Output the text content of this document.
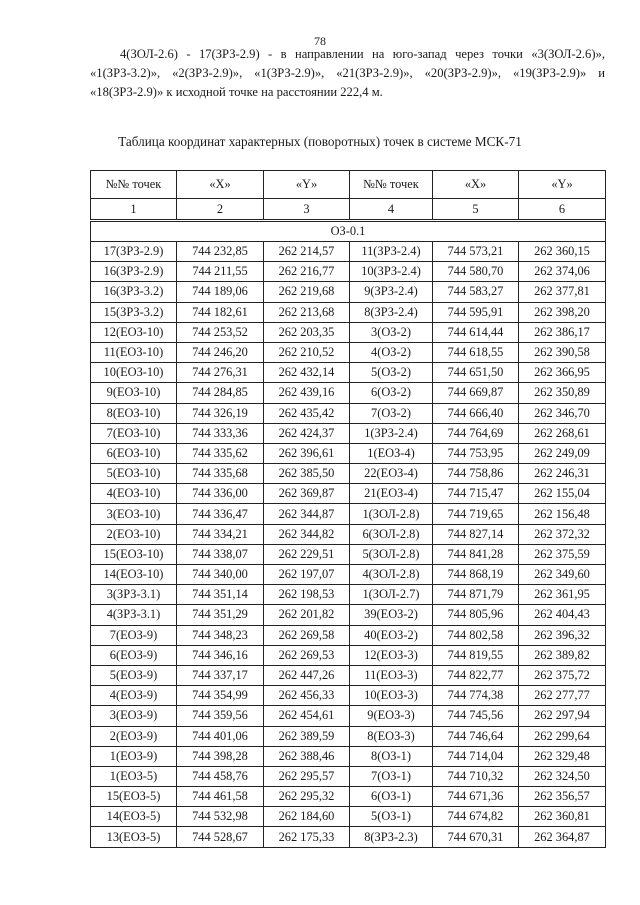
78

4(ЗОЛ-2.6) - 17(ЗРЗ-2.9) - в направлении на юго-запад через точки «3(ЗОЛ-2.6)», «1(ЗРЗ-3.2)», «2(ЗРЗ-2.9)», «1(ЗРЗ-2.9)», «21(ЗРЗ-2.9)», «20(ЗРЗ-2.9)», «19(ЗРЗ-2.9)» и «18(ЗРЗ-2.9)» к исходной точке на расстоянии 222,4 м.

Таблица координат характерных (поворотных) точек в системе МСК-71
№№ точек	«X»	«Y»	№№ точек	«X»	«Y»
1	2	3	4	5	6
ОЗ-0.1					
17(ЗРЗ-2.9)	744 232,85	262 214,57	11(ЗРЗ-2.4)	744 573,21	262 360,15
16(ЗРЗ-2.9)	744 211,55	262 216,77	10(ЗРЗ-2.4)	744 580,70	262 374,06
16(ЗРЗ-3.2)	744 189,06	262 219,68	9(ЗРЗ-2.4)	744 583,27	262 377,81
15(ЗРЗ-3.2)	744 182,61	262 213,68	8(ЗРЗ-2.4)	744 595,91	262 398,20
12(ЕОЗ-10)	744 253,52	262 203,35	3(ОЗ-2)	744 614,44	262 386,17
11(ЕОЗ-10)	744 246,20	262 210,52	4(ОЗ-2)	744 618,55	262 390,58
10(ЕОЗ-10)	744 276,31	262 432,14	5(ОЗ-2)	744 651,50	262 366,95
9(ЕОЗ-10)	744 284,85	262 439,16	6(ОЗ-2)	744 669,87	262 350,89
8(ЕОЗ-10)	744 326,19	262 435,42	7(ОЗ-2)	744 666,40	262 346,70
7(ЕОЗ-10)	744 333,36	262 424,37	1(ЗРЗ-2.4)	744 764,69	262 268,61
6(ЕОЗ-10)	744 335,62	262 396,61	1(ЕОЗ-4)	744 753,95	262 249,09
5(ЕОЗ-10)	744 335,68	262 385,50	22(ЕОЗ-4)	744 758,86	262 246,31
4(ЕОЗ-10)	744 336,00	262 369,87	21(ЕОЗ-4)	744 715,47	262 155,04
3(ЕОЗ-10)	744 336,47	262 344,87	1(ЗОЛ-2.8)	744 719,65	262 156,48
2(ЕОЗ-10)	744 334,21	262 344,82	6(ЗОЛ-2.8)	744 827,14	262 372,32
15(ЕОЗ-10)	744 338,07	262 229,51	5(ЗОЛ-2.8)	744 841,28	262 375,59
14(ЕОЗ-10)	744 340,00	262 197,07	4(ЗОЛ-2.8)	744 868,19	262 349,60
3(ЗРЗ-3.1)	744 351,14	262 198,53	1(ЗОЛ-2.7)	744 871,79	262 361,95
4(ЗРЗ-3.1)	744 351,29	262 201,82	39(ЕОЗ-2)	744 805,96	262 404,43
7(ЕОЗ-9)	744 348,23	262 269,58	40(ЕОЗ-2)	744 802,58	262 396,32
6(ЕОЗ-9)	744 346,16	262 269,53	12(ЕОЗ-3)	744 819,55	262 389,82
5(ЕОЗ-9)	744 337,17	262 447,26	11(ЕОЗ-3)	744 822,77	262 375,72
4(ЕОЗ-9)	744 354,99	262 456,33	10(ЕОЗ-3)	744 774,38	262 277,77
3(ЕОЗ-9)	744 359,56	262 454,61	9(ЕОЗ-3)	744 745,56	262 297,94
2(ЕОЗ-9)	744 401,06	262 389,59	8(ЕОЗ-3)	744 746,64	262 299,64
1(ЕОЗ-9)	744 398,28	262 388,46	8(ОЗ-1)	744 714,04	262 329,48
1(ЕОЗ-5)	744 458,76	262 295,57	7(ОЗ-1)	744 710,32	262 324,50
15(ЕОЗ-5)	744 461,58	262 295,32	6(ОЗ-1)	744 671,36	262 356,57
14(ЕОЗ-5)	744 532,98	262 184,60	5(ОЗ-1)	744 674,82	262 360,81
13(ЕОЗ-5)	744 528,67	262 175,33	8(ЗРЗ-2.3)	744 670,31	262 364,87
